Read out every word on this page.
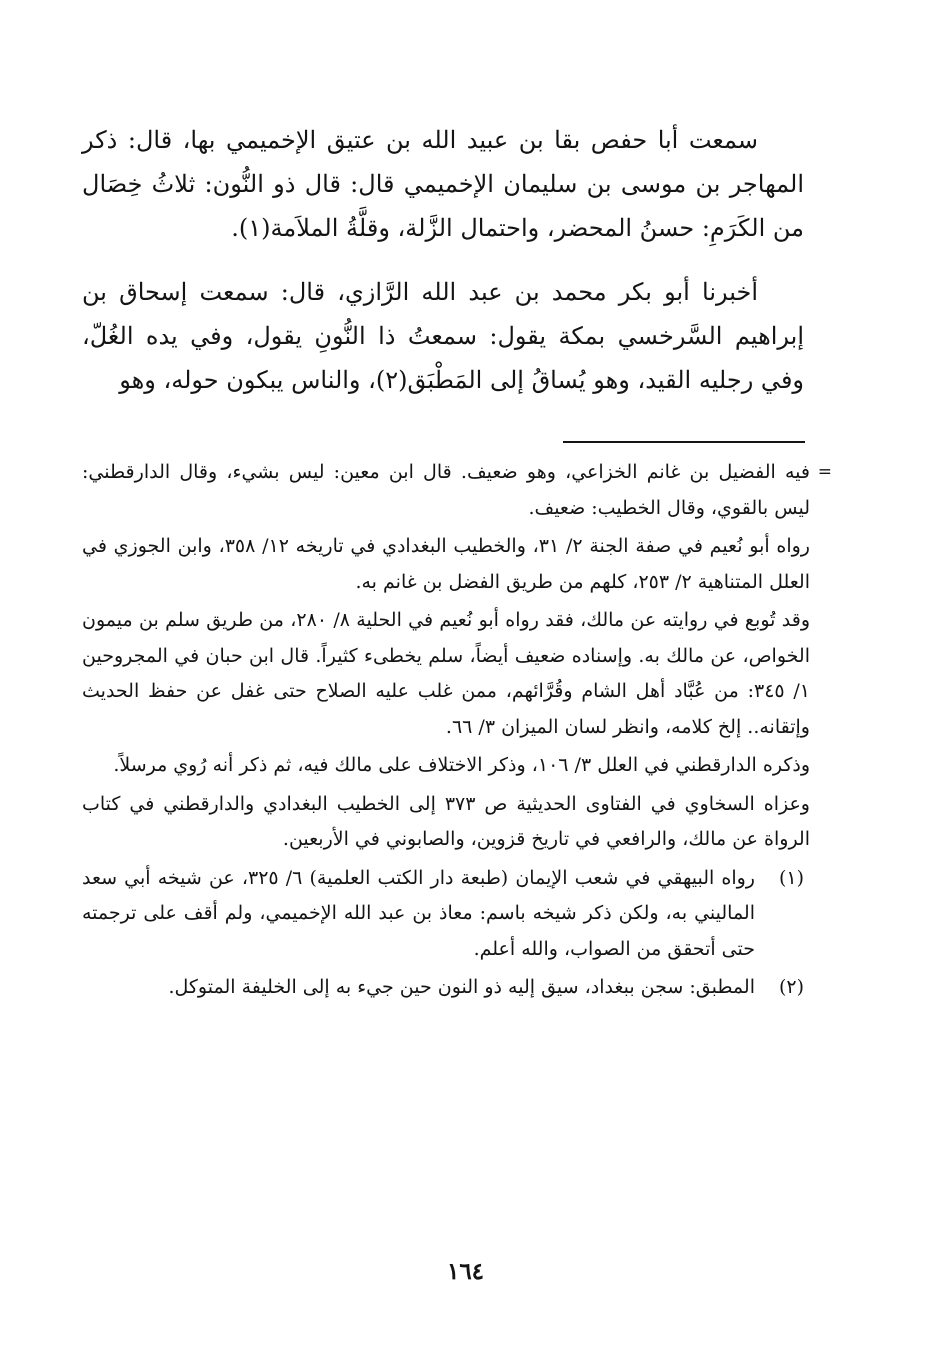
سمعت أبا حفص بقا بن عبيد الله بن عتيق الإخميمي بها، قال: ذكر المهاجر بن موسى بن سليمان الإخميمي قال: قال ذو النُّون: ثلاثُ خِصَال من الكَرَمِ: حسنُ المحضر، واحتمال الزَّلة، وقلَّةُ الملاَمة(١).

أخبرنا أبو بكر محمد بن عبد الله الرَّازي، قال: سمعت إسحاق بن إبراهيم السَّرخسي بمكة يقول: سمعتُ ذا النُّونِ يقول، وفي يده الغُلّ، وفي رجليه القيد، وهو يُساقُ إلى المَطْبَق(٢)، والناس يبكون حوله، وهو

=
فيه الفضيل بن غانم الخزاعي، وهو ضعيف. قال ابن معين: ليس بشيء، وقال الدارقطني: ليس بالقوي، وقال الخطيب: ضعيف.
رواه أبو نُعيم في صفة الجنة ٢/ ٣١، والخطيب البغدادي في تاريخه ١٢/ ٣٥٨، وابن الجوزي في العلل المتناهية ٢/ ٢٥٣، كلهم من طريق الفضل بن غانم به.
وقد تُوبع في روايته عن مالك، فقد رواه أبو نُعيم في الحلية ٨/ ٢٨٠، من طريق سلم بن ميمون الخواص، عن مالك به. وإسناده ضعيف أيضاً، سلم يخطىء كثيراً. قال ابن حبان في المجروحين ١/ ٣٤٥: من عُبَّاد أهل الشام وقُرَّائهم، ممن غلب عليه الصلاح حتى غفل عن حفظ الحديث وإتقانه.. إلخ كلامه، وانظر لسان الميزان ٣/ ٦٦.
وذكره الدارقطني في العلل ٣/ ١٠٦، وذكر الاختلاف على مالك فيه، ثم ذكر أنه رُوي مرسلاً.
وعزاه السخاوي في الفتاوى الحديثية ص ٣٧٣ إلى الخطيب البغدادي والدارقطني في كتاب الرواة عن مالك، والرافعي في تاريخ قزوين، والصابوني في الأربعين.
(١)
رواه البيهقي في شعب الإيمان (طبعة دار الكتب العلمية) ٦/ ٣٢٥، عن شيخه أبي سعد الماليني به، ولكن ذكر شيخه باسم: معاذ بن عبد الله الإخميمي، ولم أقف على ترجمته حتى أتحقق من الصواب، والله أعلم.
(٢)
المطبق: سجن ببغداد، سيق إليه ذو النون حين جيء به إلى الخليفة المتوكل.
١٦٤
